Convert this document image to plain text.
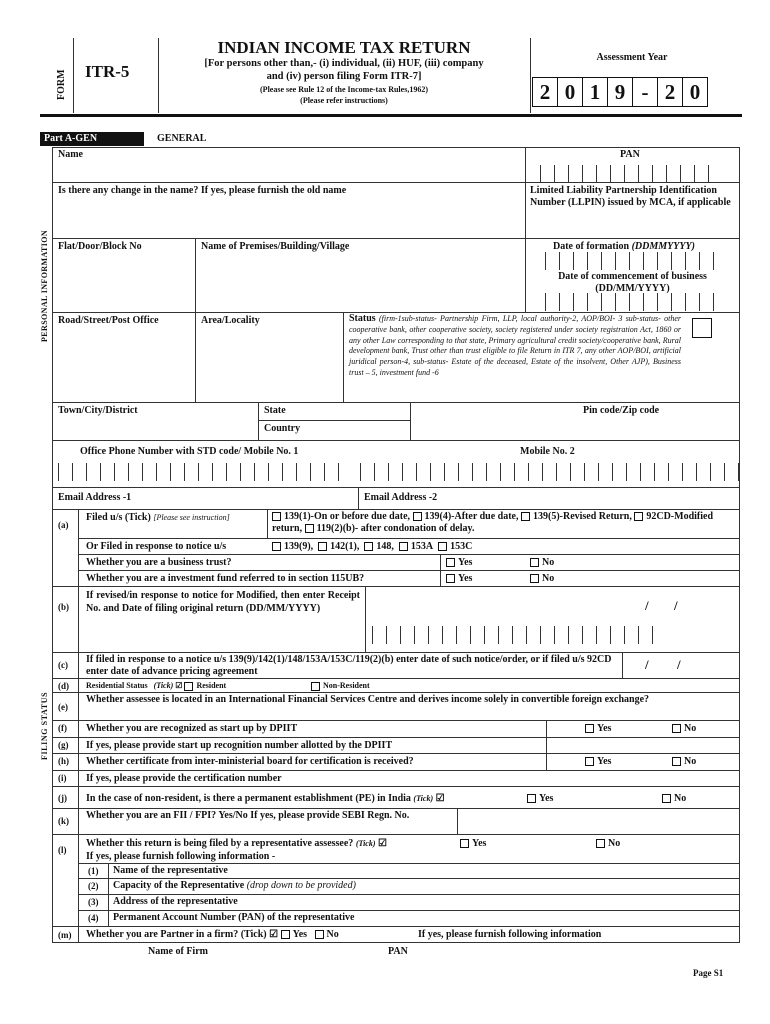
FORM ITR-5
INDIAN INCOME TAX RETURN
[For persons other than,- (i) individual, (ii) HUF, (iii) company
and (iv) person filing Form ITR-7]
(Please see Rule 12 of the Income-tax Rules,1962)
(Please refer instructions)
Assessment Year
2 0 1 9 - 2 0
Part A-GEN	GENERAL
PERSONAL INFORMATION
Name	PAN
Is there any change in the name? If yes, please furnish the old name	Limited Liability Partnership Identification Number (LLPIN) issued by MCA, if applicable
Flat/Door/Block No	Name of Premises/Building/Village	Date of formation (DDMMYYYY)
Date of commencement of business (DD/MM/YYYY)
Road/Street/Post Office	Area/Locality	Status (firm-1sub-status- Partnership Firm, LLP, local authority-2, AOP/BOI- 3 sub-status- other cooperative bank, other cooperative society, society registered under society registration Act, 1860 or any other Law corresponding to that state, Primary agricultural credit society/cooperative bank, Rural development bank, Trust other than trust eligible to file Return in ITR 7, any other AOP/BOI, artificial juridical person-4, sub-status- Estate of the deceased, Estate of the insolvent, Other AJP), Business trust – 5, investment fund -6
Town/City/District	State	Pin code/Zip code
Country
Office Phone Number with STD code/ Mobile No. 1	Mobile No. 2
Email Address -1	Email Address -2
FILING STATUS
(a)
Filed u/s (Tick) [Please see instruction]	139(1)-On or before due date, 139(4)-After due date, 139(5)-Revised Return, 92CD-Modified return, 119(2)(b)- after condonation of delay.
Or Filed in response to notice u/s	139(9), 142(1), 148, 153A 153C
Whether you are a business trust?	Yes	No
Whether you are a investment fund referred to in section 115UB?	Yes	No
(b)
If revised/in response to notice for Modified, then enter Receipt No. and Date of filing original return (DD/MM/YYYY)	/ /
(c) If filed in response to a notice u/s 139(9)/142(1)/148/153A/153C/119(2)(b) enter date of such notice/order, or if filed u/s 92CD enter date of advance pricing agreement	/ /
(d) Residential Status (Tick) ☑ Resident	Non-Resident
(e)
Whether assessee is located in an International Financial Services Centre and derives income solely in convertible foreign exchange?
(f) Whether you are recognized as start up by DPIIT	Yes	No
(g) If yes, please provide start up recognition number allotted by the DPIIT
(h) Whether certificate from inter-ministerial board for certification is received?	Yes	No
(i) If yes, please provide the certification number
(j) In the case of non-resident, is there a permanent establishment (PE) in India (Tick) ☑	Yes	No
(k) Whether you are an FII / FPI? Yes/No If yes, please provide SEBI Regn. No.
(l)
Whether this return is being filed by a representative assessee? (Tick) ☑	Yes	No
If yes, please furnish following information -
(1) Name of the representative
(2) Capacity of the Representative (drop down to be provided)
(3) Address of the representative
(4) Permanent Account Number (PAN) of the representative
(m) Whether you are Partner in a firm? (Tick) ☑ Yes No	If yes, please furnish following information
Name of Firm	PAN
Page S1
